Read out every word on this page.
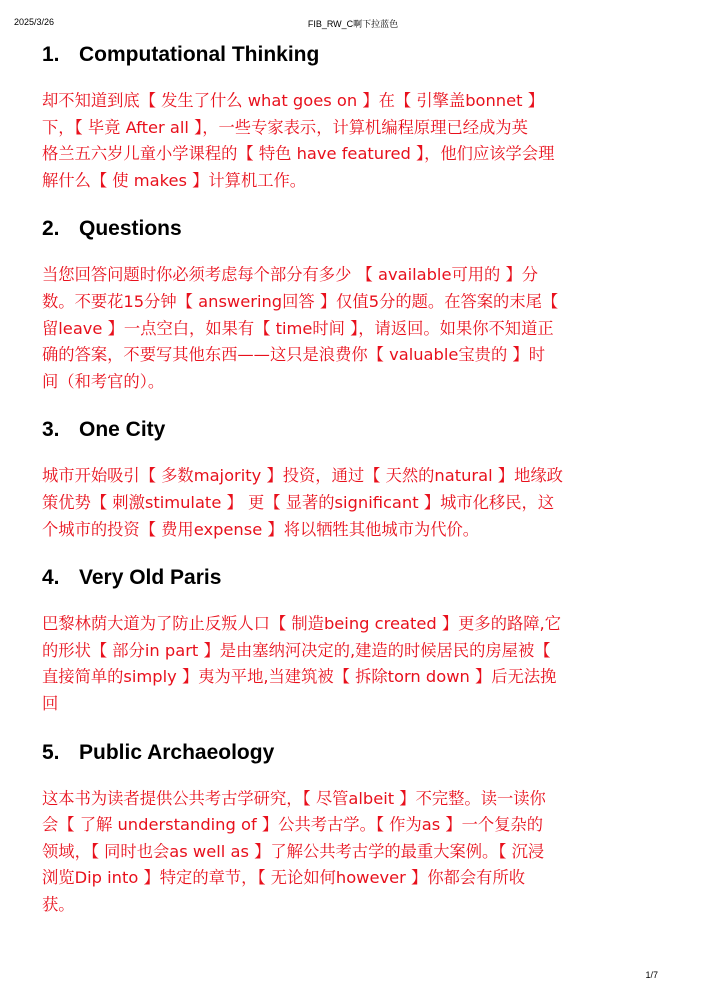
2025/3/26	FIB_RW_C啊下拉蓝色
1. Computational Thinking

却不知道到底【 发生了什么 what goes on 】在【 引擎盖bonnet 】
下，【 毕竟 After all 】，一些专家表示，计算机编程原理已经成为英
格兰五六岁儿童小学课程的【 特色 have featured 】，他们应该学会理
解什么【 使 makes 】计算机工作。

2. Questions

当您回答问题时你必须考虑每个部分有多少 【 available可用的 】分
数。不要花15分钟【 answering回答 】仅值5分的题。在答案的末尾【
留leave 】一点空白，如果有【 time时间 】，请返回。如果你不知道正
确的答案，不要写其他东西——这只是浪费你【 valuable宝贵的 】时
间（和考官的）。

3. One City

城市开始吸引【 多数majority 】投资，通过【 天然的natural 】地缘政
策优势【 刺激stimulate 】 更【 显著的significant 】城市化移民，这
个城市的投资【 费用expense 】将以牺牲其他城市为代价。

4. Very Old Paris

巴黎林荫大道为了防止反叛人口【 制造being created 】更多的路障,它
的形状【 部分in part 】是由塞纳河决定的,建造的时候居民的房屋被【
直接简单的simply 】夷为平地,当建筑被【 拆除torn down 】后无法挽
回

5. Public Archaeology

这本书为读者提供公共考古学研究，【 尽管albeit 】不完整。读一读你
会【 了解 understanding of 】公共考古学。【 作为as 】一个复杂的
领域，【 同时也会as well as 】了解公共考古学的最重大案例。【 沉浸
浏览Dip into 】特定的章节，【 无论如何however 】你都会有所收
获。

1/7
